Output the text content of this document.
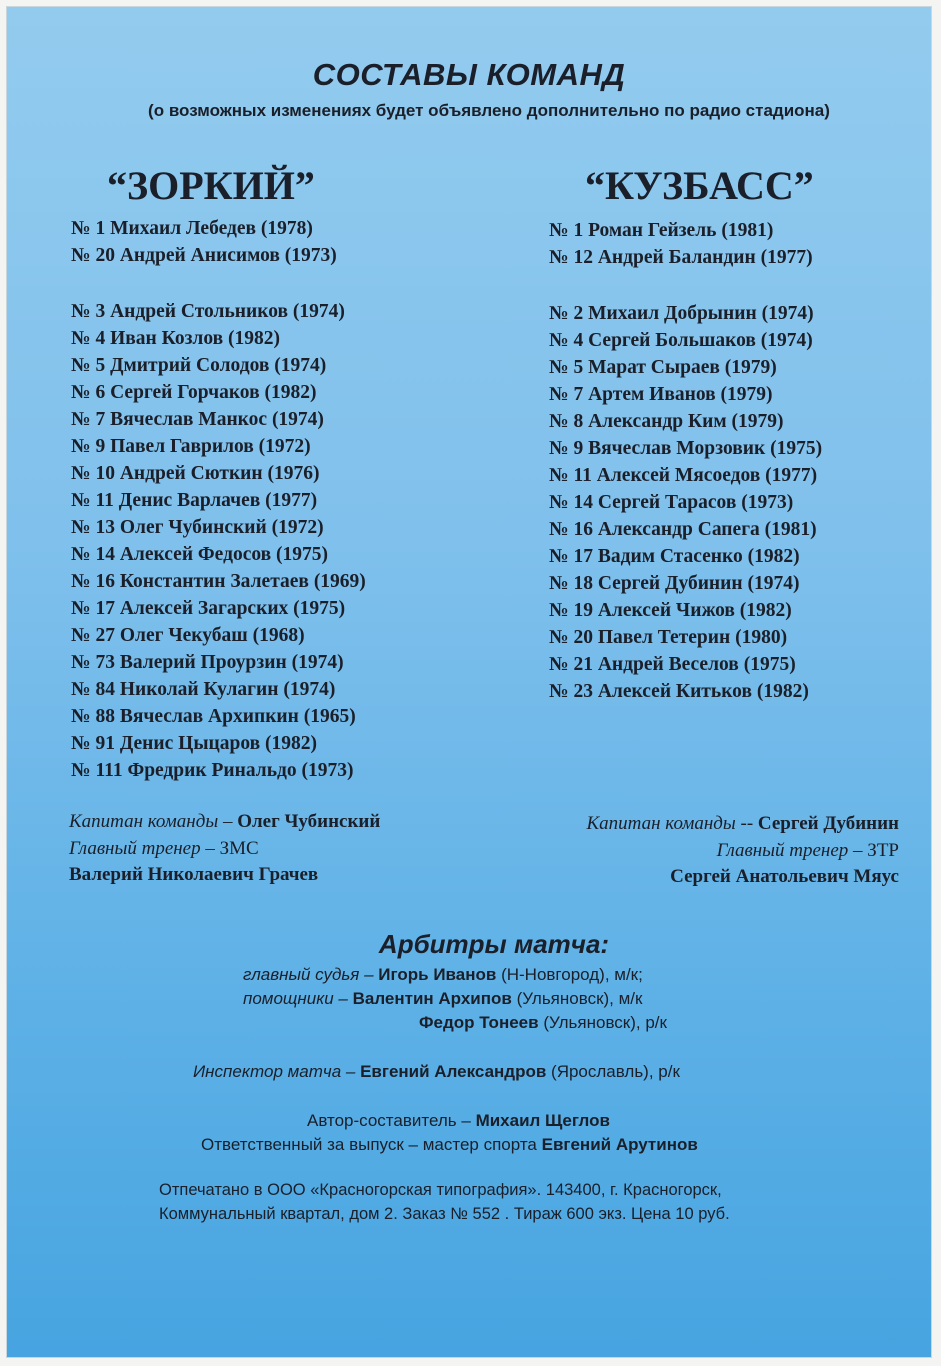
СОСТАВЫ КОМАНД
(о возможных изменениях будет объявлено дополнительно по радио стадиона)
“ЗОРКИЙ”	“КУЗБАСС”
№ 1 Михаил Лебедев (1978)
№ 20 Андрей Анисимов (1973)
№ 3 Андрей Стольников (1974)
№ 4 Иван Козлов (1982)
№ 5 Дмитрий Солодов (1974)
№ 6 Сергей Горчаков (1982)
№ 7 Вячеслав Манкос (1974)
№ 9 Павел Гаврилов (1972)
№ 10 Андрей Сюткин (1976)
№ 11 Денис Варлачев (1977)
№ 13 Олег Чубинский (1972)
№ 14 Алексей Федосов (1975)
№ 16 Константин Залетаев (1969)
№ 17 Алексей Загарских (1975)
№ 27 Олег Чекубаш (1968)
№ 73 Валерий Проурзин (1974)
№ 84 Николай Кулагин (1974)
№ 88 Вячеслав Архипкин (1965)
№ 91 Денис Цыцаров (1982)
№ 111 Фредрик Ринальдо (1973)
№ 1 Роман Гейзель (1981)
№ 12 Андрей Баландин (1977)
№ 2 Михаил Добрынин (1974)
№ 4 Сергей Большаков (1974)
№ 5 Марат Сыраев (1979)
№ 7 Артем Иванов (1979)
№ 8 Александр Ким (1979)
№ 9 Вячеслав Морзовик (1975)
№ 11 Алексей Мясоедов (1977)
№ 14 Сергей Тарасов (1973)
№ 16 Александр Сапега (1981)
№ 17 Вадим Стасенко (1982)
№ 18 Сергей Дубинин (1974)
№ 19 Алексей Чижов (1982)
№ 20 Павел Тетерин (1980)
№ 21 Андрей Веселов (1975)
№ 23 Алексей Китьков (1982)
Капитан команды – Олег Чубинский
Главный тренер – ЗМС
Валерий Николаевич Грачев
Капитан команды -- Сергей Дубинин
Главный тренер – ЗТР
Сергей Анатольевич Мяус
Арбитры матча:
главный судья – Игорь Иванов (Н-Новгород), м/к;
помощники – Валентин Архипов (Ульяновск), м/к
Федор Тонеев (Ульяновск), р/к
Инспектор матча – Евгений Александров (Ярославль), р/к
Автор-составитель – Михаил Щеглов
Ответственный за выпуск – мастер спорта Евгений Арутинов
Отпечатано в ООО «Красногорская типография». 143400, г. Красногорск,
Коммунальный квартал, дом 2. Заказ № 552 . Тираж 600 экз. Цена 10 руб.
